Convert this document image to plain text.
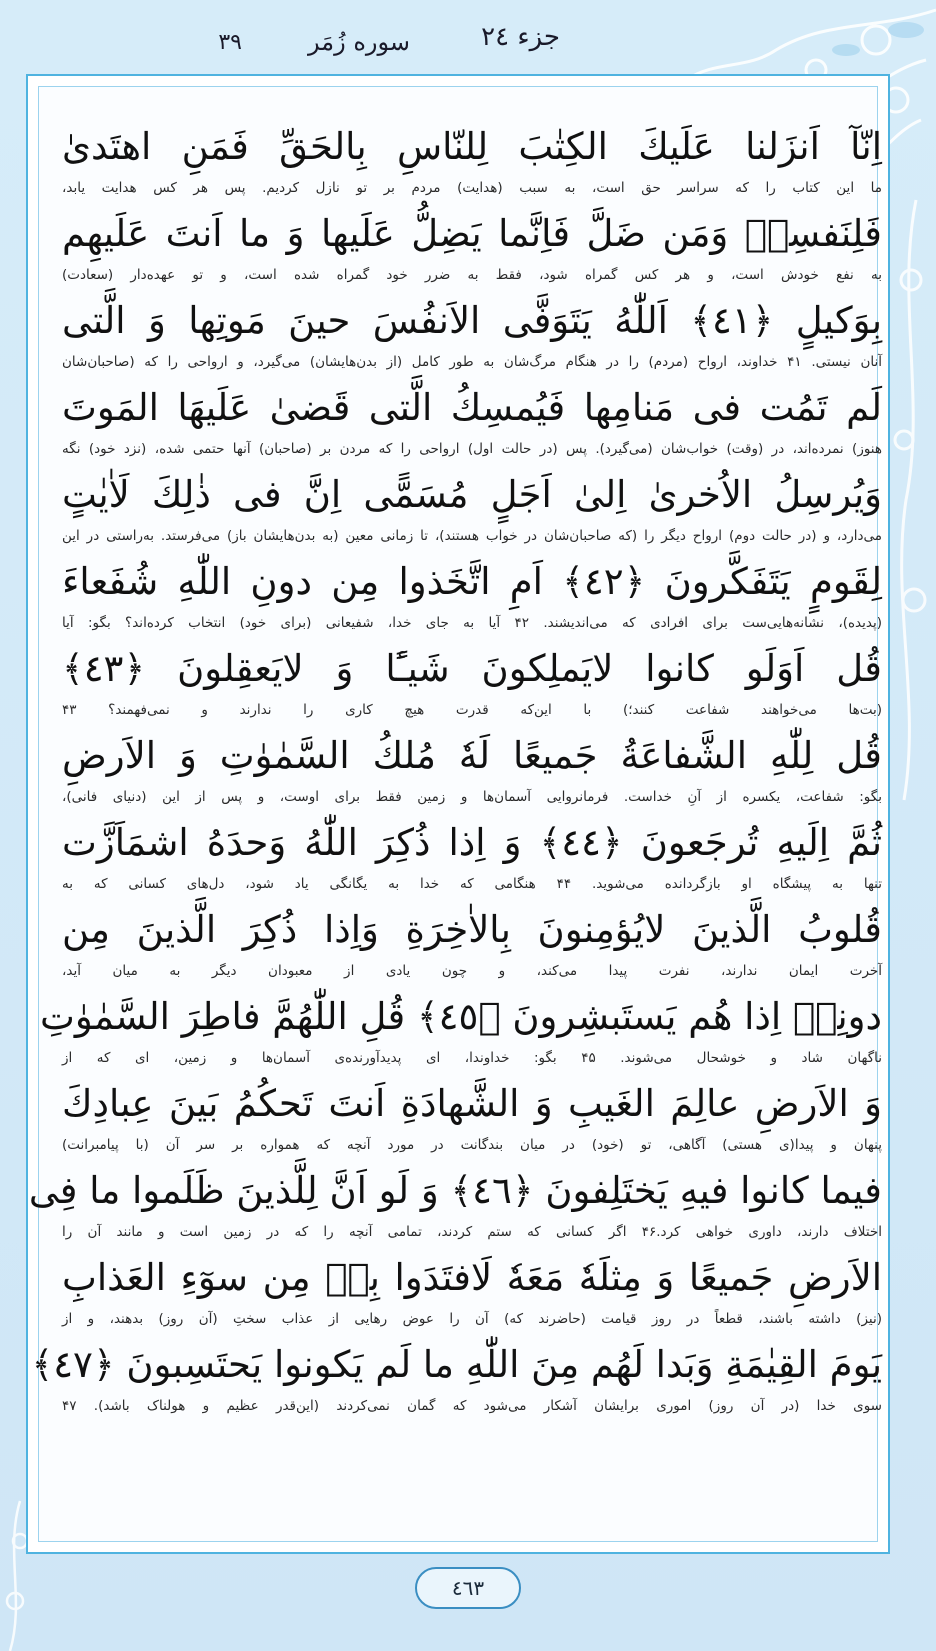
جزء ٢٤
سوره زُمَر
٣٩
اِنّآ اَنزَلنا عَلَيكَ الكِتٰبَ لِلنّاسِ بِالحَقِّ فَمَنِ اهتَدىٰ
ما این کتاب را که سراسر حق است، به سبب (هدایت) مردم بر تو نازل کردیم. پس هر کس هدایت یابد،
فَلِنَفسِهٖ وَمَن ضَلَّ فَاِنَّما يَضِلُّ عَلَيها وَ ما اَنتَ عَلَيهِم
به نفع خودش است، و هر کس گمراه شود، فقط به ضرر خود گمراه شده است، و تو عهده‌دار (سعادت)
بِوَكيلٍ ﴿٤١﴾ اَللّٰهُ يَتَوَفَّى الاَنفُسَ حينَ مَوتِها وَ الَّتى
آنان نیستی. ۴۱ خداوند، ارواح (مردم) را در هنگام مرگ‌شان به طور کامل (از بدن‌هایشان) می‌گیرد، و ارواحی را که (صاحبان‌شان
لَم تَمُت فى مَنامِها فَيُمسِكُ الَّتى قَضىٰ عَلَيهَا المَوتَ
هنوز) نمرده‌اند، در (وقت) خواب‌شان (می‌گیرد). پس (در حالت اول) ارواحی را که مردن بر (صاحبان) آنها حتمی شده، (نزد خود) نگه
وَيُرسِلُ الاُخرىٰ اِلىٰ اَجَلٍ مُسَمًّى اِنَّ فى ذٰلِكَ لَاٰيٰتٍ
می‌دارد، و (در حالت دوم) ارواح دیگر را (که صاحبان‌شان در خواب هستند)، تا زمانی معین (به بدن‌هایشان باز) می‌فرستد. به‌راستی در این
لِقَومٍ يَتَفَكَّرونَ ﴿٤٢﴾ اَمِ اتَّخَذوا مِن دونِ اللّٰهِ شُفَعاءَ
(پدیده)، نشانه‌هایی‌ست برای افرادی که می‌اندیشند. ۴۲ آیا به جای خدا، شفیعانی (برای خود) انتخاب کرده‌اند؟ بگو: آیا
قُل اَوَلَو كانوا لايَملِكونَ شَيـًٔا وَ لايَعقِلونَ ﴿٤٣﴾
(بت‌ها می‌خواهند شفاعت کنند؛) با این‌که قدرت هیچ کاری را ندارند و نمی‌فهمند؟ ۴۳
قُل لِلّٰهِ الشَّفاعَةُ جَميعًا لَهٗ مُلكُ السَّمٰوٰتِ وَ الاَرضِ
بگو: شفاعت، یکسره از آنِ خداست. فرمانروایی آسمان‌ها و زمین فقط برای اوست، و پس از این (دنیای فانی)،
ثُمَّ اِلَيهِ تُرجَعونَ ﴿٤٤﴾ وَ اِذا ذُكِرَ اللّٰهُ وَحدَهُ اشمَاَزَّت
تنها به پیشگاه او بازگردانده می‌شوید. ۴۴ هنگامی که خدا به یگانگی یاد شود، دل‌های کسانی که به
قُلوبُ الَّذينَ لايُؤمِنونَ بِالاٰخِرَةِ وَاِذا ذُكِرَ الَّذينَ مِن
آخرت ایمان ندارند، نفرت پیدا می‌کند، و چون یادی از معبودان دیگر به میان آید،
دونِهٖ اِذا هُم يَستَبشِرونَ ﴿٤٥﴾ قُلِ اللّٰهُمَّ فاطِرَ السَّمٰوٰتِ
ناگهان شاد و خوشحال می‌شوند. ۴۵ بگو: خداوندا، ای پدیدآورنده‌ی آسمان‌ها و زمین، ای که از
وَ الاَرضِ عالِمَ الغَيبِ وَ الشَّهادَةِ اَنتَ تَحكُمُ بَينَ عِبادِكَ
پنهان و پیدا(ی هستی) آگاهی، تو (خود) در میان بندگانت در مورد آنچه که همواره بر سر آن (با پیامبرانت)
فيما كانوا فيهِ يَختَلِفونَ ﴿٤٦﴾ وَ لَو اَنَّ لِلَّذينَ ظَلَموا ما فِى
اختلاف دارند، داوری خواهی کرد.۴۶ اگر کسانی که ستم کردند، تمامی آنچه را که در زمین است و مانند آن را
الاَرضِ جَميعًا وَ مِثلَهٗ مَعَهٗ لَافتَدَوا بِهٖ مِن سوٓءِ العَذابِ
(نیز) داشته باشند، قطعاً در روز قیامت (حاضرند که) آن را عوض رهایی از عذاب سختِ (آن روز) بدهند، و از
يَومَ القِيٰمَةِ وَبَدا لَهُم مِنَ اللّٰهِ ما لَم يَكونوا يَحتَسِبونَ ﴿٤٧﴾
سوی خدا (در آن روز) اموری برایشان آشکار می‌شود که گمان نمی‌کردند (این‌قدر عظیم و هولناک باشد). ۴۷
٤٦٣
